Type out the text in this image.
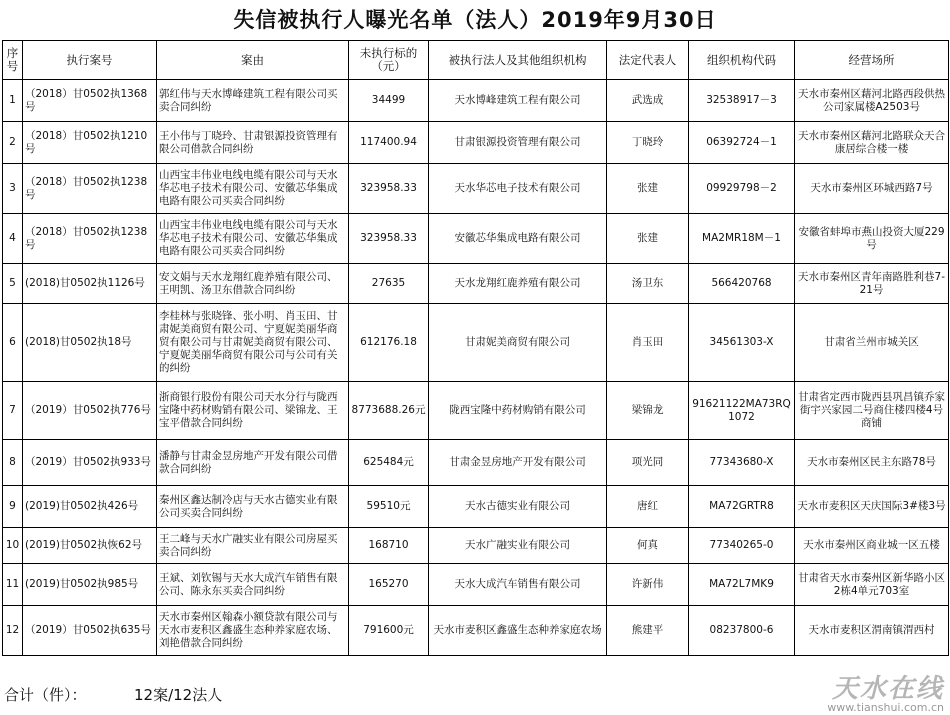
失信被执行人曝光名单（法人）2019年9月30日
序号	执行案号	案由	未执行标的（元）	被执行法人及其他组织机构	法定代表人	组织机构代码	经营场所
1	（2018）甘0502执1368号	郭红伟与天水博峰建筑工程有限公司买卖合同纠纷	34499	天水博峰建筑工程有限公司	武选成	32538917－3	天水市秦州区藉河北路西段供热公司家属楼A2503号
2	（2018）甘0502执1210号	王小伟与丁晓玲、甘肃银源投资管理有限公司借款合同纠纷	117400.94	甘肃银源投资管理有限公司	丁晓玲	06392724－1	天水市秦州区藉河北路联众天合康居综合楼一楼
3	（2018）甘0502执1238号	山西宝丰伟业电线电缆有限公司与天水华芯电子技术有限公司、安徽芯华集成电路有限公司买卖合同纠纷	323958.33	天水华芯电子技术有限公司	张建	09929798－2	天水市秦州区环城西路7号
4	（2018）甘0502执1238号	山西宝丰伟业电线电缆有限公司与天水华芯电子技术有限公司、安徽芯华集成电路有限公司买卖合同纠纷	323958.33	安徽芯华集成电路有限公司	张建	MA2MR18M－1	安徽省蚌埠市燕山投资大厦229号
5	(2018)甘0502执1126号	安文娟与天水龙翔红鹿养殖有限公司、王明凯、汤卫东借款合同纠纷	27635	天水龙翔红鹿养殖有限公司	汤卫东	566420768	天水市秦州区青年南路胜利巷7-21号
6	(2018)甘0502执18号	李桂林与张晓锋、张小明、肖玉田、甘肃妮美商贸有限公司、宁夏妮美丽华商贸有限公司与甘肃妮美商贸有限公司、宁夏妮美丽华商贸有限公司与公司有关的纠纷	612176.18	甘肃妮美商贸有限公司	肖玉田	34561303-X	甘肃省兰州市城关区
7	（2019）甘0502执776号	浙商银行股份有限公司天水分行与陇西宝隆中药材购销有限公司、梁锦龙、王宝平借款合同纠纷	8773688.26元	陇西宝隆中药材购销有限公司	梁锦龙	91621122MA73RQ1072	甘肃省定西市陇西县巩昌镇乔家街宇兴家园二号商住楼四楼4号商铺
8	（2019）甘0502执933号	潘静与甘肃金昱房地产开发有限公司借款合同纠纷	625484元	甘肃金昱房地产开发有限公司	项光同	77343680-X	天水市秦州区民主东路78号
9	(2019)甘0502执426号	秦州区鑫达制冷店与天水古德实业有限公司买卖合同纠纷	59510元	天水古德实业有限公司	唐红	MA72GRTR8	天水市麦积区天庆国际3#楼3号
10	(2019)甘0502执恢62号	王二峰与天水广融实业有限公司房屋买卖合同纠纷	168710	天水广融实业有限公司	何真	77340265-0	天水市秦州区商业城一区五楼
11	(2019)甘0502执985号	王斌、刘钦锡与天水大成汽车销售有限公司、陈永东买卖合同纠纷	165270	天水大成汽车销售有限公司	许新伟	MA72L7MK9	甘肃省天水市秦州区新华路小区2栋4单元703室
12	（2019）甘0502执635号	天水市秦州区翰森小额贷款有限公司与天水市麦积区鑫盛生态种养家庭农场、刘艳借款合同纠纷	791600元	天水市麦积区鑫盛生态种养家庭农场	熊建平	08237800-6	天水市麦积区渭南镇渭西村
合计（件）：	12案/12法人	天水在线
www.tianshui.com.cn
